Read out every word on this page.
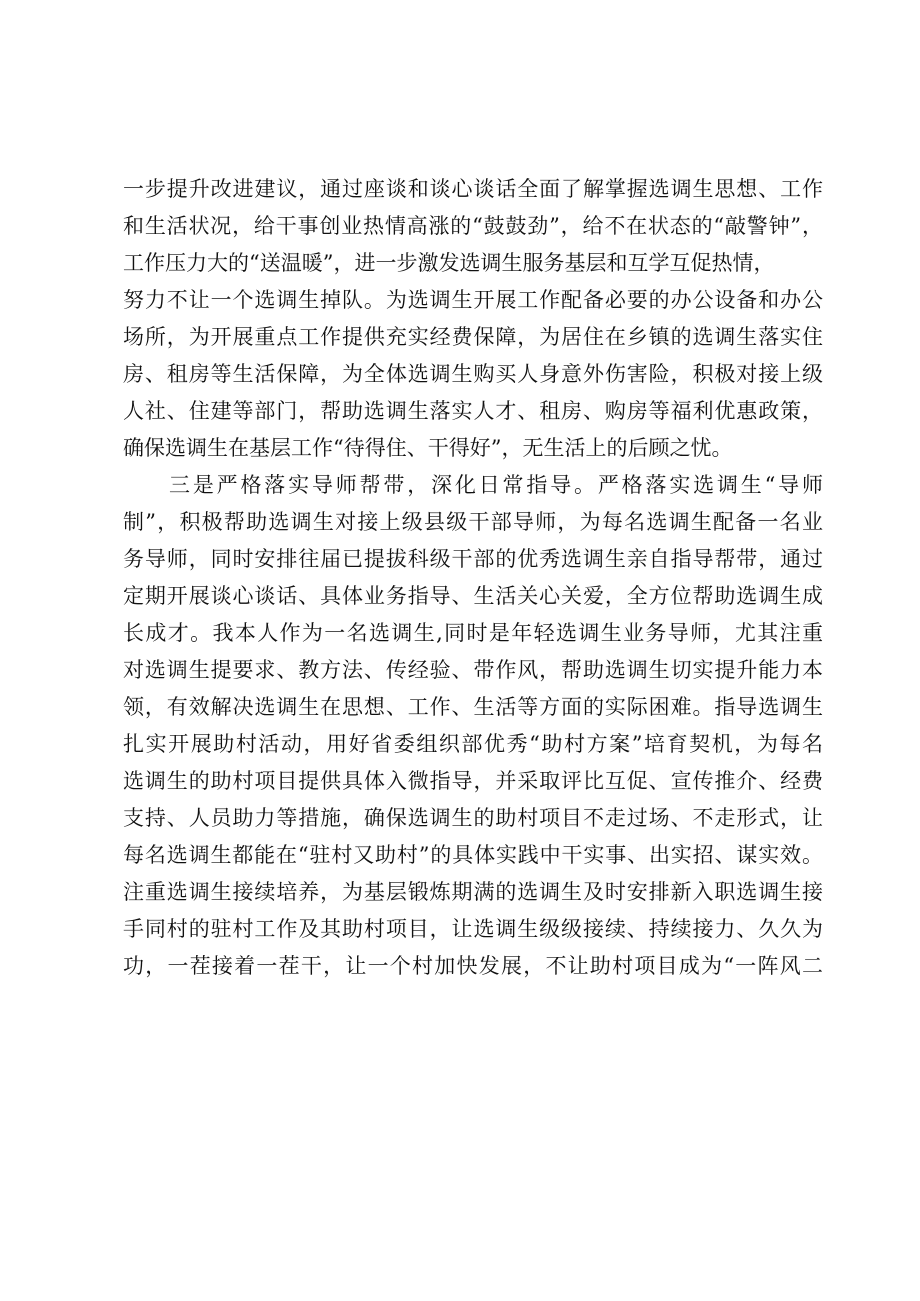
一步提升改进建议，通过座谈和谈心谈话全面了解掌握选调生思想、工作
和生活状况，给干事创业热情高涨的“鼓鼓劲”，给不在状态的“敲警钟”，
工作压力大的“送温暖”，进一步激发选调生服务基层和互学互促热情，
努力不让一个选调生掉队。为选调生开展工作配备必要的办公设备和办公
场所，为开展重点工作提供充实经费保障，为居住在乡镇的选调生落实住
房、租房等生活保障，为全体选调生购买人身意外伤害险，积极对接上级
人社、住建等部门，帮助选调生落实人才、租房、购房等福利优惠政策，
确保选调生在基层工作“待得住、干得好”，无生活上的后顾之忧。
三是严格落实导师帮带，深化日常指导。严格落实选调生“导师
制”，积极帮助选调生对接上级县级干部导师，为每名选调生配备一名业
务导师，同时安排往届已提拔科级干部的优秀选调生亲自指导帮带，通过
定期开展谈心谈话、具体业务指导、生活关心关爱，全方位帮助选调生成
长成才。我本人作为一名选调生,同时是年轻选调生业务导师，尤其注重
对选调生提要求、教方法、传经验、带作风，帮助选调生切实提升能力本
领，有效解决选调生在思想、工作、生活等方面的实际困难。指导选调生
扎实开展助村活动，用好省委组织部优秀“助村方案”培育契机，为每名
选调生的助村项目提供具体入微指导，并采取评比互促、宣传推介、经费
支持、人员助力等措施，确保选调生的助村项目不走过场、不走形式，让
每名选调生都能在“驻村又助村”的具体实践中干实事、出实招、谋实效。
注重选调生接续培养，为基层锻炼期满的选调生及时安排新入职选调生接
手同村的驻村工作及其助村项目，让选调生级级接续、持续接力、久久为
功，一茬接着一茬干，让一个村加快发展，不让助村项目成为“一阵风二
